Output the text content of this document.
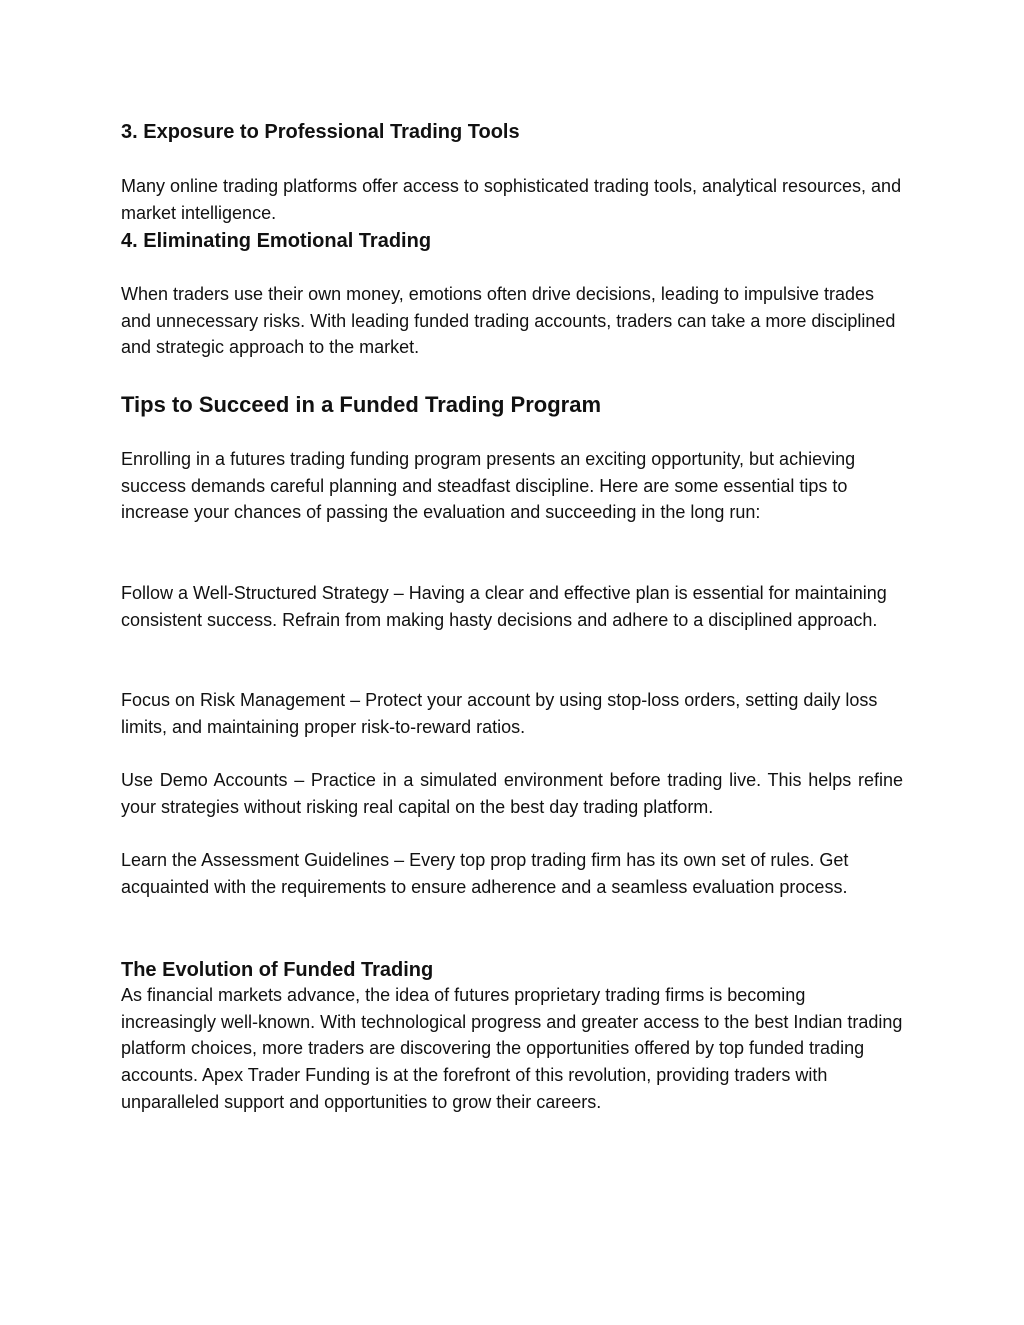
3. Exposure to Professional Trading Tools

Many online trading platforms offer access to sophisticated trading tools, analytical resources, and market intelligence.

4. Eliminating Emotional Trading

When traders use their own money, emotions often drive decisions, leading to impulsive trades and unnecessary risks. With leading funded trading accounts, traders can take a more disciplined and strategic approach to the market.

Tips to Succeed in a Funded Trading Program

Enrolling in a futures trading funding program presents an exciting opportunity, but achieving success demands careful planning and steadfast discipline. Here are some essential tips to increase your chances of passing the evaluation and succeeding in the long run:

Follow a Well-Structured Strategy – Having a clear and effective plan is essential for maintaining consistent success. Refrain from making hasty decisions and adhere to a disciplined approach.

Focus on Risk Management – Protect your account by using stop-loss orders, setting daily loss limits, and maintaining proper risk-to-reward ratios.

Use Demo Accounts – Practice in a simulated environment before trading live. This helps refine your strategies without risking real capital on the best day trading platform.

Learn the Assessment Guidelines – Every top prop trading firm has its own set of rules. Get acquainted with the requirements to ensure adherence and a seamless evaluation process.

The Evolution of Funded Trading

As financial markets advance, the idea of futures proprietary trading firms is becoming increasingly well-known. With technological progress and greater access to the best Indian trading platform choices, more traders are discovering the opportunities offered by top funded trading accounts. Apex Trader Funding is at the forefront of this revolution, providing traders with unparalleled support and opportunities to grow their careers.
